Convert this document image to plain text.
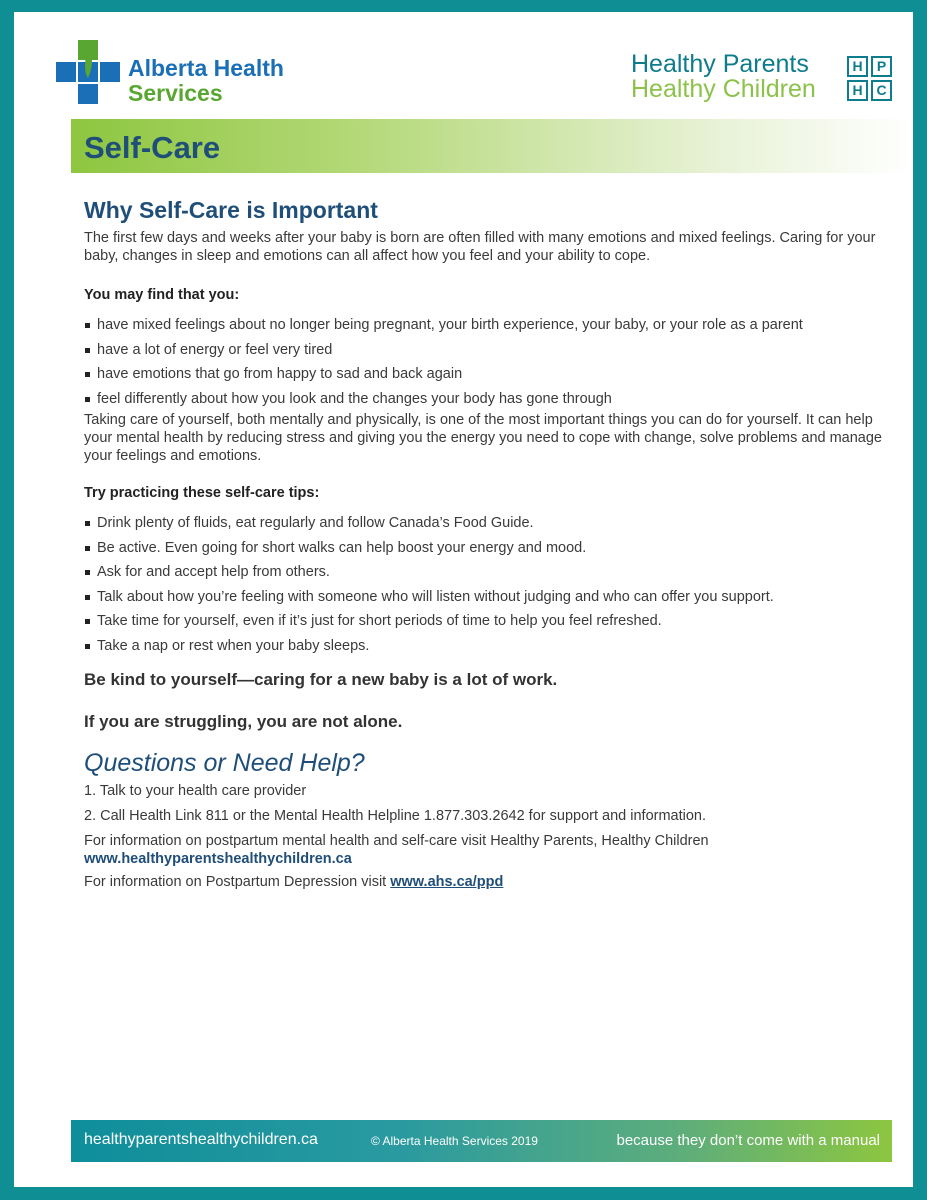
Alberta Health
Services
Healthy Parents
Healthy Children
H	P
H C
Self-Care
Why Self-Care is Important

The first few days and weeks after your baby is born are often filled with many emotions and mixed feelings. Caring for your baby, changes in sleep and emotions can all affect how you feel and your ability to cope.

You may find that you:

have mixed feelings about no longer being pregnant, your birth experience, your baby, or your role as a parent
have a lot of energy or feel very tired
have emotions that go from happy to sad and back again
feel differently about how you look and the changes your body has gone through

Taking care of yourself, both mentally and physically, is one of the most important things you can do for yourself. It can help your mental health by reducing stress and giving you the energy you need to cope with change, solve problems and manage your feelings and emotions.

Try practicing these self-care tips:

Drink plenty of fluids, eat regularly and follow Canada’s Food Guide.
Be active. Even going for short walks can help boost your energy and mood.
Ask for and accept help from others.
Talk about how you’re feeling with someone who will listen without judging and who can offer you support.
Take time for yourself, even if it’s just for short periods of time to help you feel refreshed.
Take a nap or rest when your baby sleeps.

Be kind to yourself—caring for a new baby is a lot of work.

If you are struggling, you are not alone.

Questions or Need Help?

1. Talk to your health care provider

2. Call Health Link 811 or the Mental Health Helpline 1.877.303.2642 for support and information.

For information on postpartum mental health and self-care visit Healthy Parents, Healthy Children
www.healthyparentshealthychildren.ca

For information on Postpartum Depression visit www.ahs.ca/ppd

healthyparentshealthychildren.ca	© Alberta Health Services 2019	because they don’t come with a manual
